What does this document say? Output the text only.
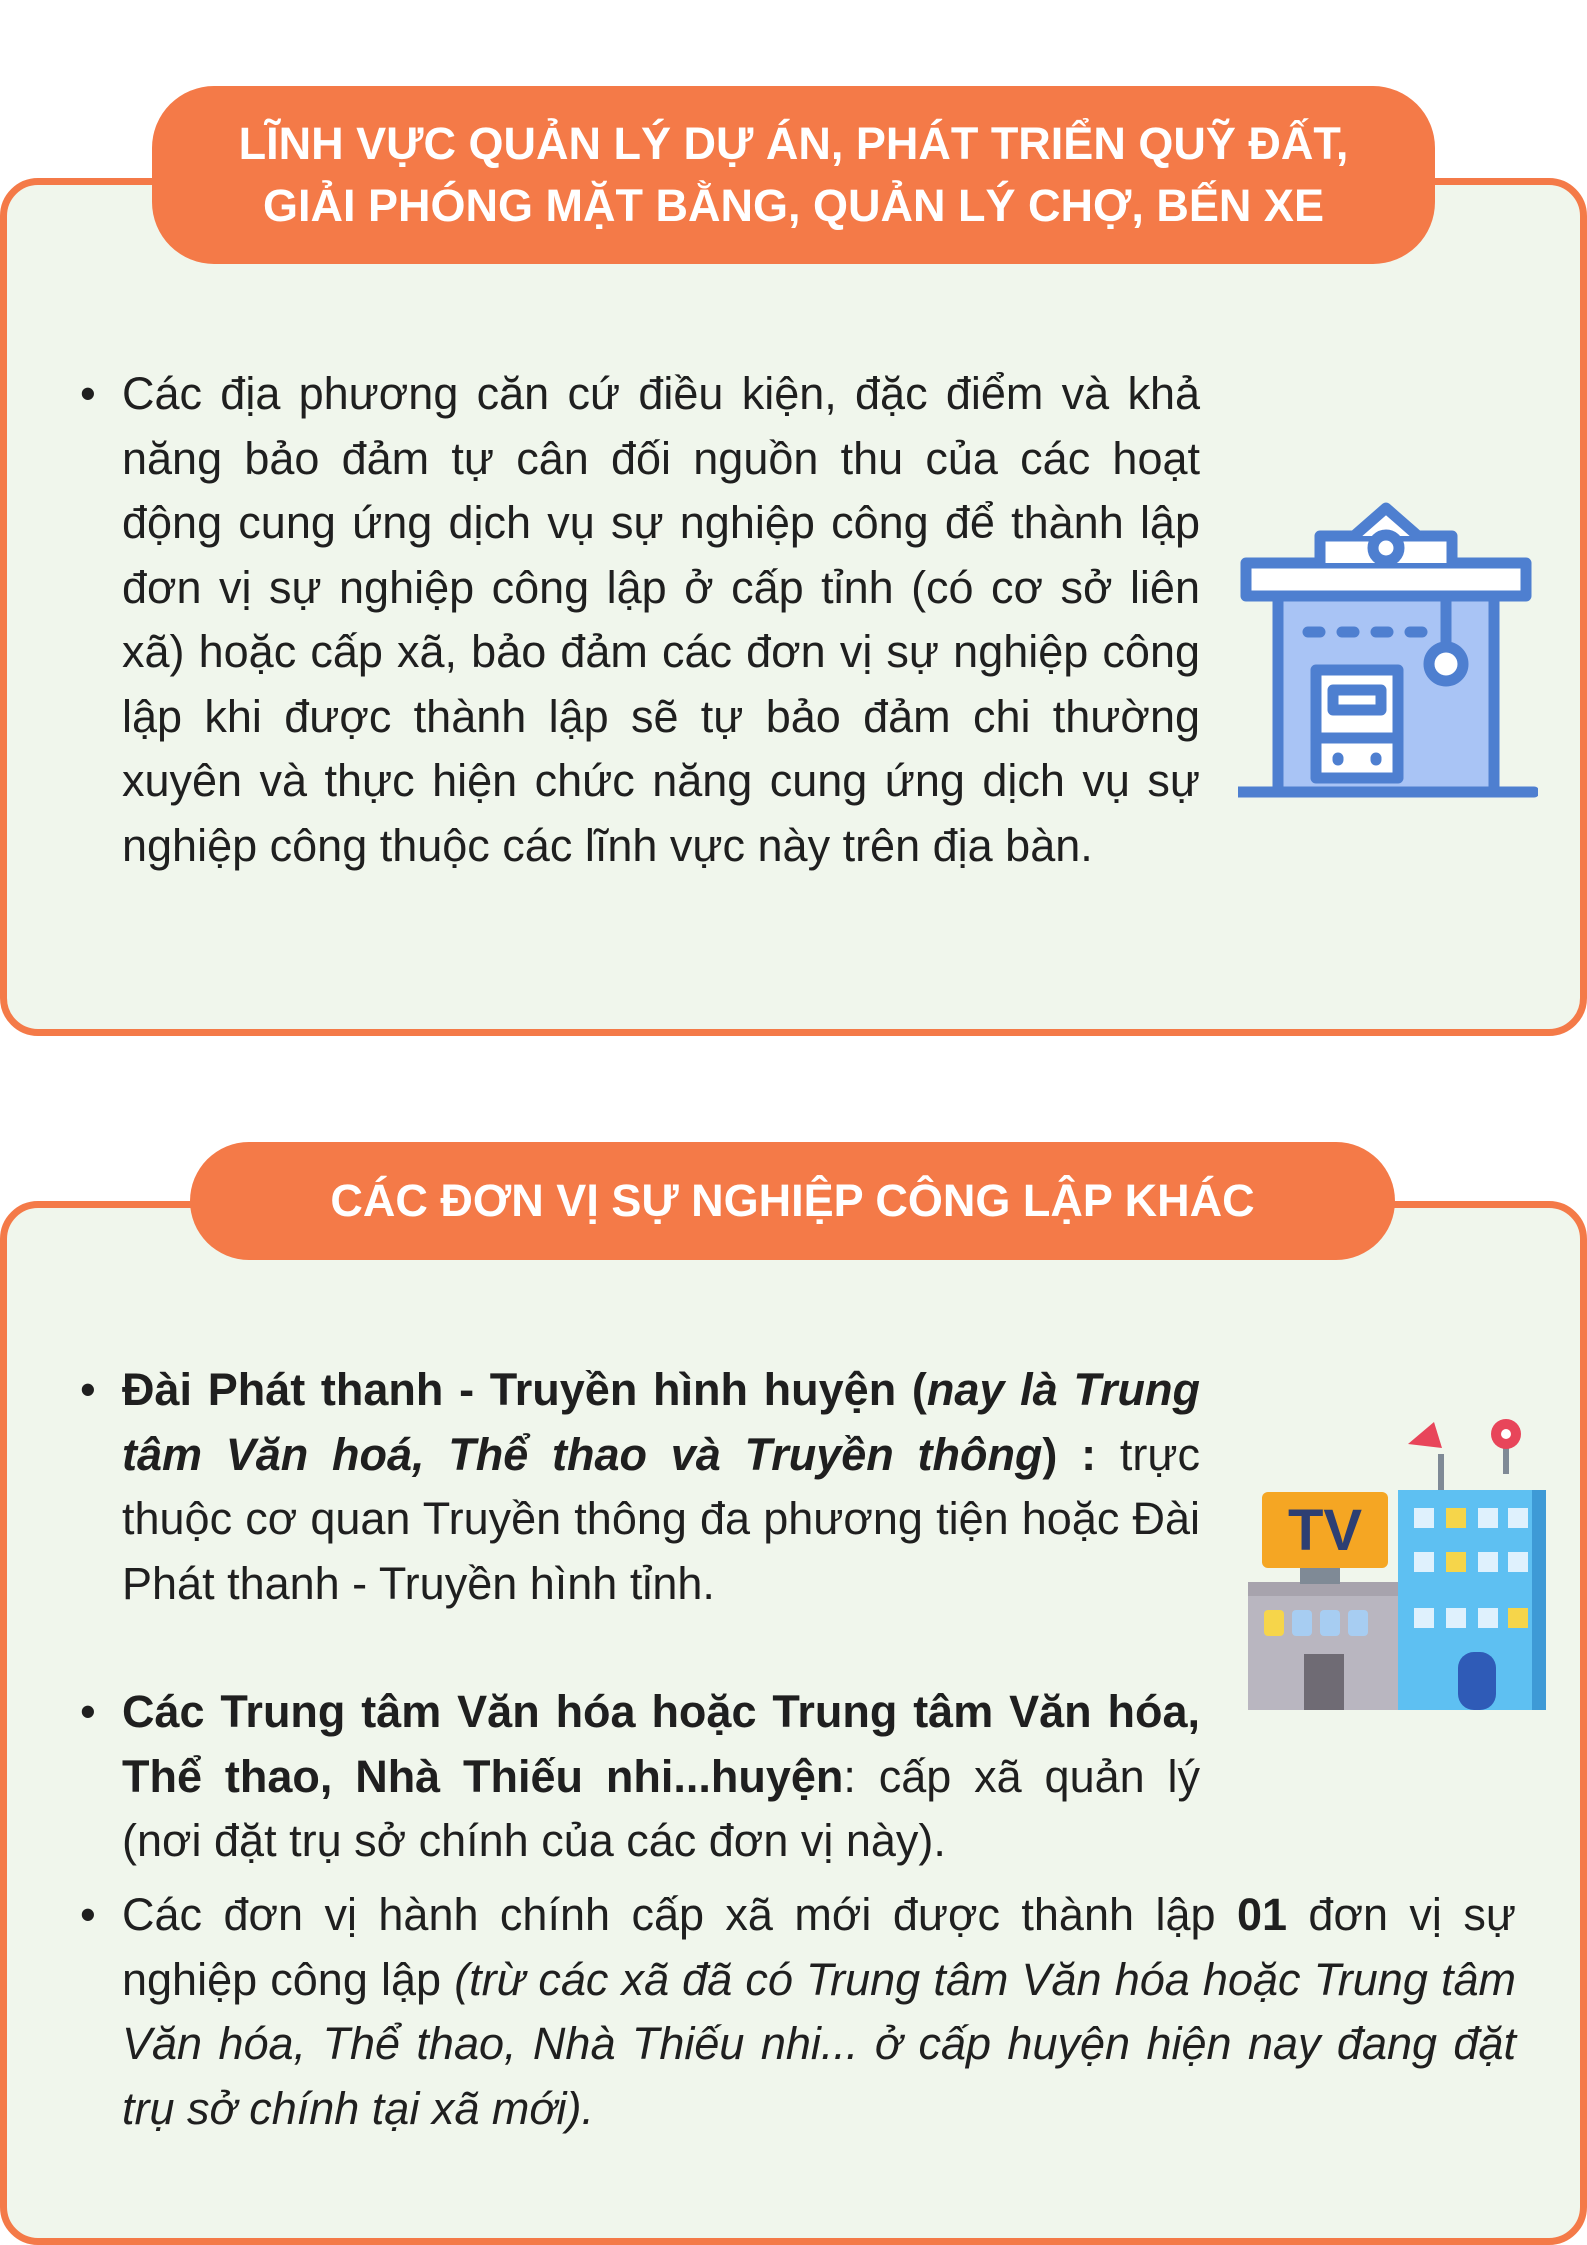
LĨNH VỰC QUẢN LÝ DỰ ÁN, PHÁT TRIỂN QUỸ ĐẤT,
GIẢI PHÓNG MẶT BẰNG, QUẢN LÝ CHỢ, BẾN XE
• Các địa phương căn cứ điều kiện, đặc điểm và khả năng bảo đảm tự cân đối nguồn thu của các hoạt động cung ứng dịch vụ sự nghiệp công để thành lập đơn vị sự nghiệp công lập ở cấp tỉnh (có cơ sở liên xã) hoặc cấp xã, bảo đảm các đơn vị sự nghiệp công lập khi được thành lập sẽ tự bảo đảm chi thường xuyên và thực hiện chức năng cung ứng dịch vụ sự nghiệp công thuộc các lĩnh vực này trên địa bàn.
CÁC ĐƠN VỊ SỰ NGHIỆP CÔNG LẬP KHÁC
• Đài Phát thanh - Truyền hình huyện (nay là Trung tâm Văn hoá, Thể thao và Truyền thông) : trực thuộc cơ quan Truyền thông đa phương tiện hoặc Đài Phát thanh - Truyền hình tỉnh.
• Các Trung tâm Văn hóa hoặc Trung tâm Văn hóa, Thể thao, Nhà Thiếu nhi...huyện: cấp xã quản lý (nơi đặt trụ sở chính của các đơn vị này).
• Các đơn vị hành chính cấp xã mới được thành lập 01 đơn vị sự nghiệp công lập (trừ các xã đã có Trung tâm Văn hóa hoặc Trung tâm Văn hóa, Thể thao, Nhà Thiếu nhi... ở cấp huyện hiện nay đang đặt trụ sở chính tại xã mới).
TV
